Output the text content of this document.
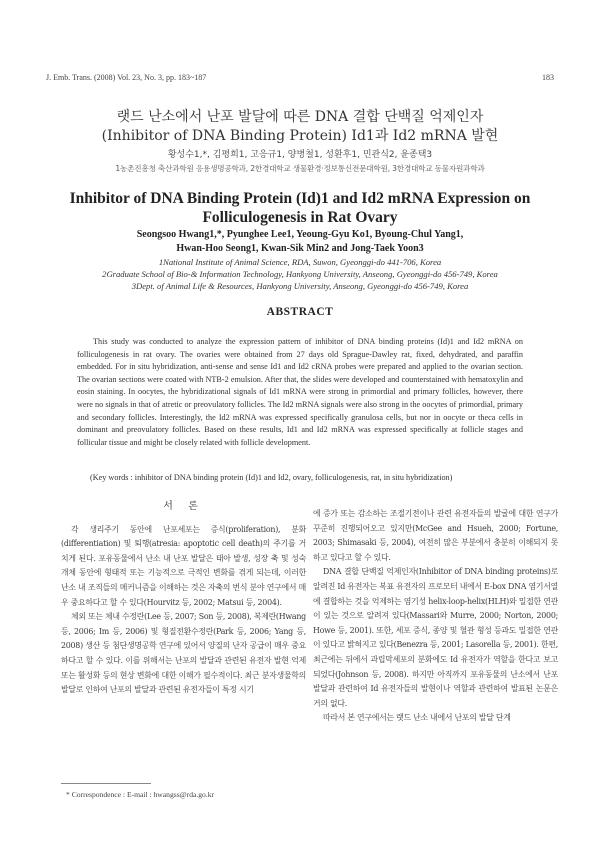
J. Emb. Trans. (2008) Vol. 23, No. 3, pp. 183~187	183
랫드 난소에서 난포 발달에 따른 DNA 결합 단백질 억제인자
(Inhibitor of DNA Binding Protein) Id1과 Id2 mRNA 발현
황성수1,*, 김평희1, 고응규1, 양병철1, 성환후1, 민관식2, 윤종택3
1농촌진흥청 축산과학원 응용생명공학과, 2한경대학교 생물환경·정보통신전문대학원, 3한경대학교 동물자원과학과
Inhibitor of DNA Binding Protein (Id)1 and Id2 mRNA Expression on
Folliculogenesis in Rat Ovary
Seongsoo Hwang1,*, Pyunghee Lee1, Yeoung-Gyu Ko1, Byoung-Chul Yang1,
Hwan-Hoo Seong1, Kwan-Sik Min2 and Jong-Taek Yoon3
1National Institute of Animal Science, RDA, Suwon, Gyeonggi-do 441-706, Korea
2Graduate School of Bio-& Information Technology, Hankyong University, Anseong, Gyeonggi-do 456-749, Korea
3Dept. of Animal Life & Resources, Hankyong University, Anseong, Gyeonggi-do 456-749, Korea
ABSTRACT
This study was conducted to analyze the expression pattern of inhibitor of DNA binding proteins (Id)1 and Id2 mRNA on folliculogenesis in rat ovary. The ovaries were obtained from 27 days old Sprague-Dawley rat, fixed, dehydrated, and paraffin embedded. For in situ hybridization, anti-sense and sense Id1 and Id2 cRNA probes were prepared and applied to the ovarian section. The ovarian sections were coated with NTB-2 emulsion. After that, the slides were developed and counterstained with hematoxylin and eosin staining. In oocytes, the hybridizational signals of Id1 mRNA were strong in primordial and primary follicles, however, there were no signals in that of atretic or preovulatory follicles. The Id2 mRNA signals were also strong in the oocytes of primordial, primary and secondary follicles. Interestingly, the Id2 mRNA was expressed specifically granulosa cells, but nor in oocyte or theca cells in dominant and preovulatory follicles. Based on these results, Id1 and Id2 mRNA was expressed specifically at follicle stages and follicular tissue and might be closely related with follicle development.
(Key words : inhibitor of DNA binding protein (Id)1 and Id2, ovary, folliculogenesis, rat, in situ hybridization)
서 론

각 생리주기 동안에 난포세포는 증식(proliferation), 분화(differentiation) 및 퇴행(atresia: apoptotic cell death)의 주기를 거치게 된다. 포유동물에서 난소 내 난포 발달은 태아 발생, 성장 축 및 성숙 개체 동안에 형태적 또는 기능적으로 극적인 변화를 겪게 되는데, 이러한 난소 내 조직들의 메커니즘을 이해하는 것은 자축의 번식 분야 연구에서 매우 중요하다고 할 수 있다(Hourvitz 등, 2002; Matsui 등, 2004).

체외 또는 체내 수정란(Lee 등, 2007; Son 등, 2008), 복제란(Hwang 등, 2006; Im 등, 2006) 및 형질전환수정란(Park 등, 2006; Yang 등, 2008) 생산 등 첨단생명공학 연구에 있어서 양질의 난자 공급이 매우 중요하다고 할 수 있다. 이를 위해서는 난포의 발달과 관련된 유전자 발현 억제 또는 활성화 등의 현상 변화에 대한 이해가 필수적이다. 최근 분자생물학의 발달로 인하여 난포의 발달과 관련된 유전자들이 특정 시기

에 증가 또는 감소하는 조절기전이나 관련 유전자들의 발굴에 대한 연구가 꾸준히 진행되어오고 있지만(McGee and Hsueh, 2000; Fortune, 2003; Shimasaki 등, 2004), 여전히 많은 부분에서 충분히 이해되지 못하고 있다고 할 수 있다.

DNA 결합 단백질 억제인자(Inhibitor of DNA binding proteins)로 알려진 Id 유전자는 복표 유전자의 프로모터 내에서 E-box DNA 염기서열에 결합하는 것을 억제하는 염기성 helix-loop-helix(HLH)와 밀접한 연관이 있는 것으로 알려져 있다(Massari와 Murre, 2000; Norton, 2000; Howe 등, 2001). 또한, 세포 증식, 종양 및 혈관 형성 등과도 밀접한 연관이 있다고 밝혀지고 있다(Benezra 등, 2001; Lasorella 등, 2001). 한편, 최근에는 뒤에서 과립막세포의 분화에도 Id 유전자가 역할을 한다고 보고되었다(Johnson 등, 2008). 하지만 아직까지 포유동물의 난소에서 난포 발달과 관련하여 Id 유전자들의 발현이나 역할과 관련하여 발표된 논문은 거의 없다.

따라서 본 연구에서는 랫드 난소 내에서 난포의 발달 단계

* Correspondence : E-mail : hwangss@rda.go.kr
